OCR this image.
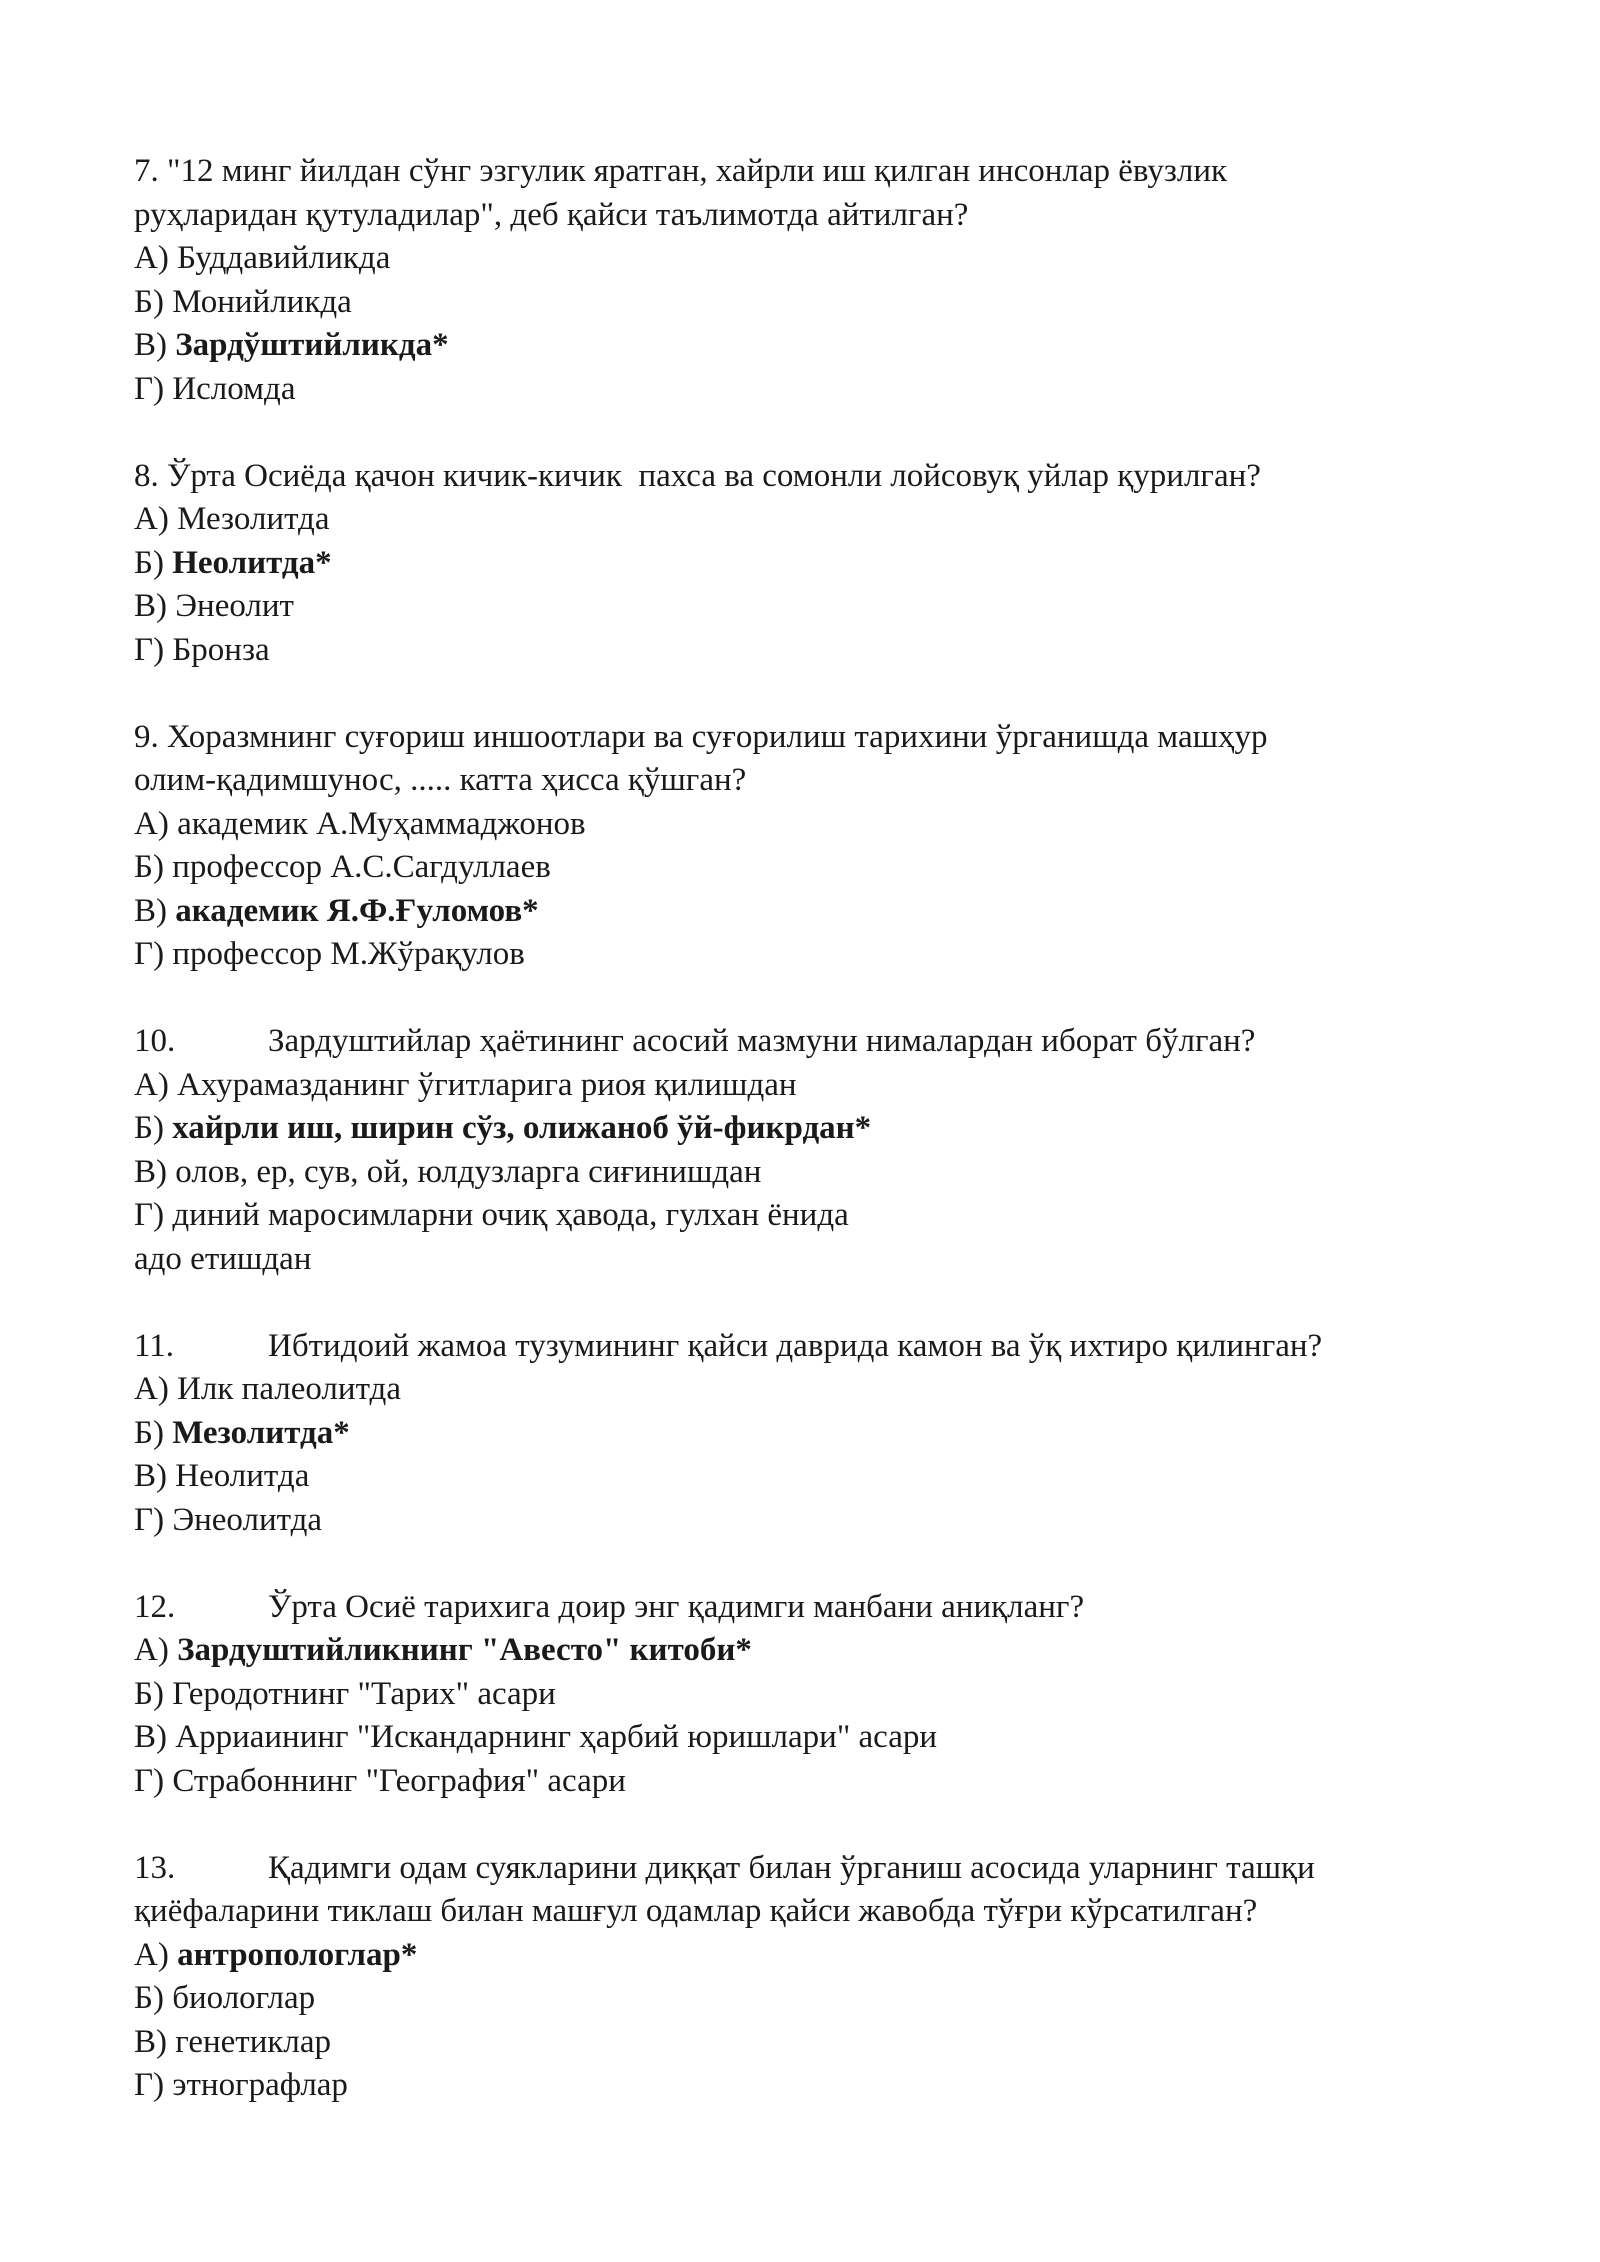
7. "12 минг йилдан сўнг эзгулик яратган, хайрли иш қилган инсонлар ёвузлик
руҳларидан қутуладилар", деб қайси таълимотда айтилган?
A) Буддавийликда
Б) Монийликда
В) Зардўштийликда*
Г) Исломда
8. Ўрта Осиёда қачон кичик-кичик  пахса ва сомонли лойсовуқ уйлар қурилган?
A) Мезолитда
Б) Неолитда*
В) Энеолит
Г) Бронза
9. Хоразмнинг суғориш иншоотлари ва суғорилиш тарихини ўрганишда машҳур
олим-қадимшунос, ..... катта ҳисса қўшган?
A) академик А.Муҳаммаджонов
Б) профессор А.С.Сагдуллаев
В) академик Я.Ф.Ғуломов*
Г) профессор М.Жўрақулов
10.	Зардуштийлар ҳаётининг асосий мазмуни нималардан иборат бўлган?
A) Ахурамазданинг ўгитларига риоя қилишдан
Б) хайрли иш, ширин сўз, олижаноб ўй-фикрдан*
В) олов, ер, сув, ой, юлдузларга сиғинишдан
Г) диний маросимларни очиқ ҳавода, гулхан ёнида
адо етишдан
11.	Ибтидоий жамоа тузумининг қайси даврида камон ва ўқ ихтиро қилинган?
A) Илк палеолитда
Б) Мезолитда*
В) Неолитда
Г) Энеолитда
12.	Ўрта Осиё тарихига доир энг қадимги манбани аниқланг?
A) Зардуштийликнинг "Авесто" китоби*
Б) Геродотнинг "Тарих" асари
В) Арриаининг "Искандарнинг ҳарбий юришлари" асари
Г) Страбоннинг "География" асари
13.	Қадимги одам суякларини диққат билан ўрганиш асосида уларнинг ташқи
қиёфаларини тиклаш билан машғул одамлар қайси жавобда тўғри кўрсатилган?
A) антропологлар*
Б) биологлар
В) генетиклар
Г) этнографлар
